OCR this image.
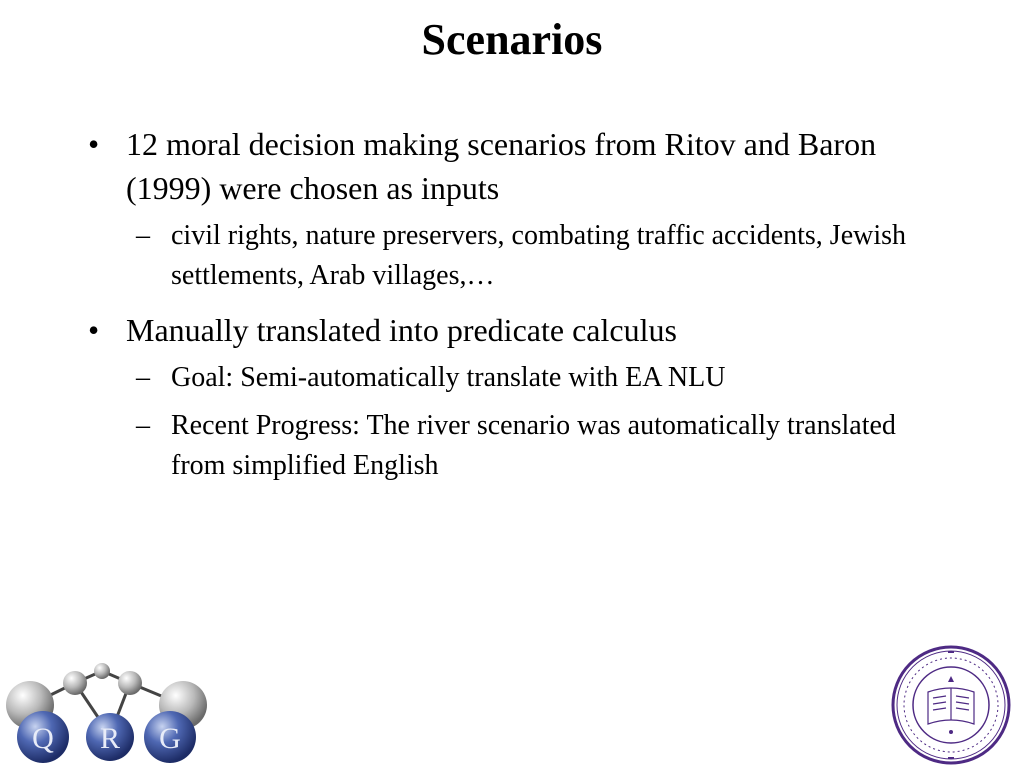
Scenarios
• 12 moral decision making scenarios from Ritov and Baron (1999) were chosen as inputs
– civil rights, nature preservers, combating traffic accidents, Jewish settlements, Arab villages,…
• Manually translated into predicate calculus
– Goal: Semi-automatically translate with EA NLU
– Recent Progress: The river scenario was automatically translated from simplified English
Q R G
